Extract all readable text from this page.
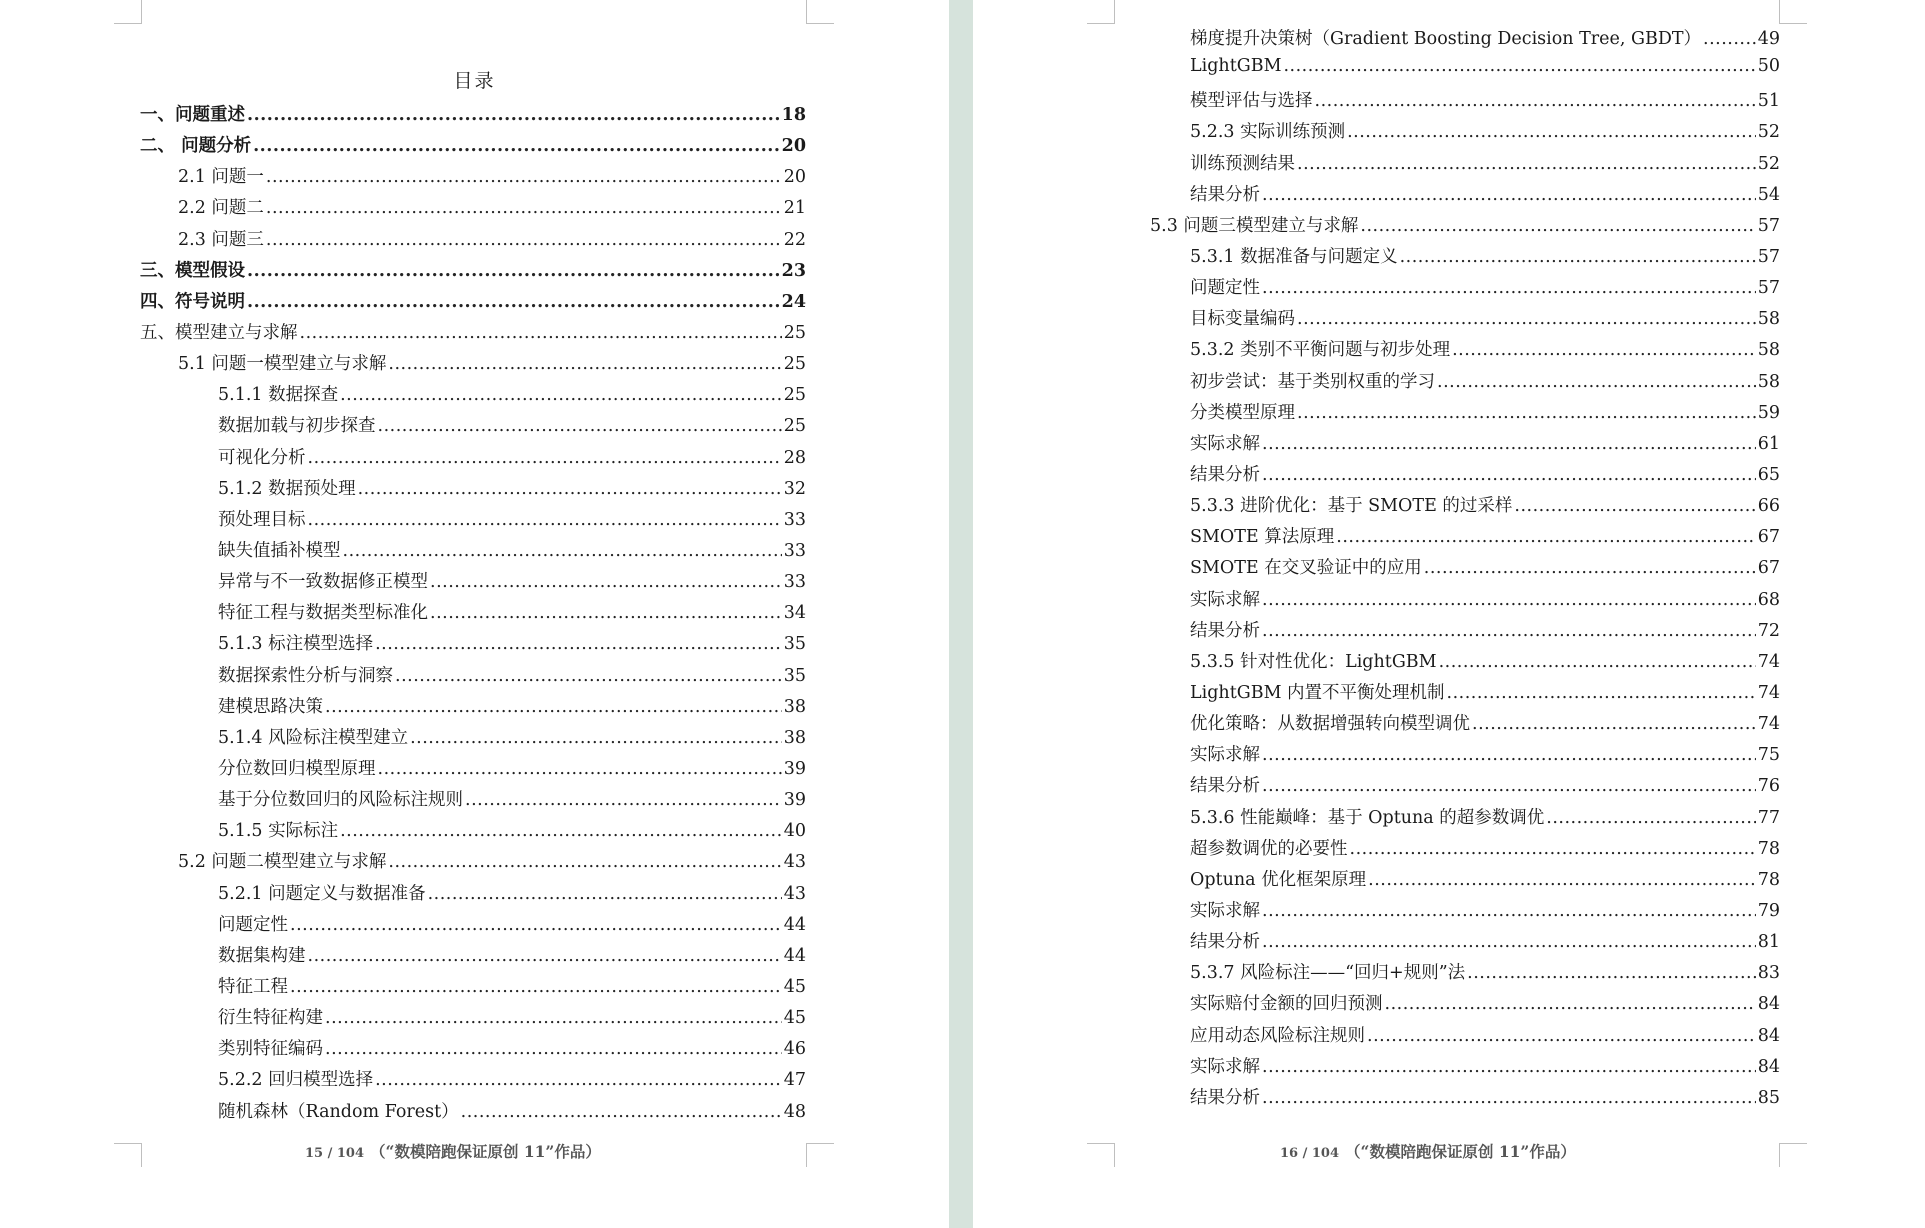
目录
一、问题重述 .....	18
二、 问题分析 .....	20
2.1 问题一 .....	20
2.2 问题二 .....	21
2.3 问题三 .....	22
三、模型假设 .....	23
四、符号说明 .....	24
五、模型建立与求解 .....	25
5.1 问题一模型建立与求解 .....	25
5.1.1 数据探查 .....	25
数据加载与初步探查 .....	25
可视化分析 .....	28
5.1.2 数据预处理 .....	32
预处理目标 .....	33
缺失值插补模型 .....	33
异常与不一致数据修正模型 .....	33
特征工程与数据类型标准化 .....	34
5.1.3 标注模型选择 .....	35
数据探索性分析与洞察 .....	35
建模思路决策 .....	38
5.1.4 风险标注模型建立 .....	38
分位数回归模型原理 .....	39
基于分位数回归的风险标注规则 .....	39
5.1.5 实际标注 .....	40
5.2 问题二模型建立与求解 .....	43
5.2.1 问题定义与数据准备 .....	43
问题定性 .....	44
数据集构建 .....	44
特征工程 .....	45
衍生特征构建 .....	45
类别特征编码 .....	46
5.2.2 回归模型选择 .....	47
随机森林（Random Forest） .....	48
梯度提升决策树（Gradient Boosting Decision Tree, GBDT） .....	49
LightGBM .....	50
模型评估与选择 .....	51
5.2.3 实际训练预测 .....	52
训练预测结果 .....	52
结果分析 .....	54
5.3 问题三模型建立与求解 .....	57
5.3.1 数据准备与问题定义 .....	57
问题定性 .....	57
目标变量编码 .....	58
5.3.2 类别不平衡问题与初步处理 .....	58
初步尝试：基于类别权重的学习 .....	58
分类模型原理 .....	59
实际求解 .....	61
结果分析 .....	65
5.3.3 进阶优化：基于 SMOTE 的过采样 .....	66
SMOTE 算法原理 .....	67
SMOTE 在交叉验证中的应用 .....	67
实际求解 .....	68
结果分析 .....	72
5.3.5 针对性优化：LightGBM .....	74
LightGBM 内置不平衡处理机制 .....	74
优化策略：从数据增强转向模型调优 .....	74
实际求解 .....	75
结果分析 .....	76
5.3.6 性能巅峰：基于 Optuna 的超参数调优 .....	77
超参数调优的必要性 .....	78
Optuna 优化框架原理 .....	78
实际求解 .....	79
结果分析 .....	81
5.3.7 风险标注——“回归+规则”法 .....	83
实际赔付金额的回归预测 .....	84
应用动态风险标注规则 .....	84
实际求解 .....	84
结果分析 .....	85
15 / 104 （“数模陪跑保证原创 11”作品）	16 / 104 （“数模陪跑保证原创 11”作品）
